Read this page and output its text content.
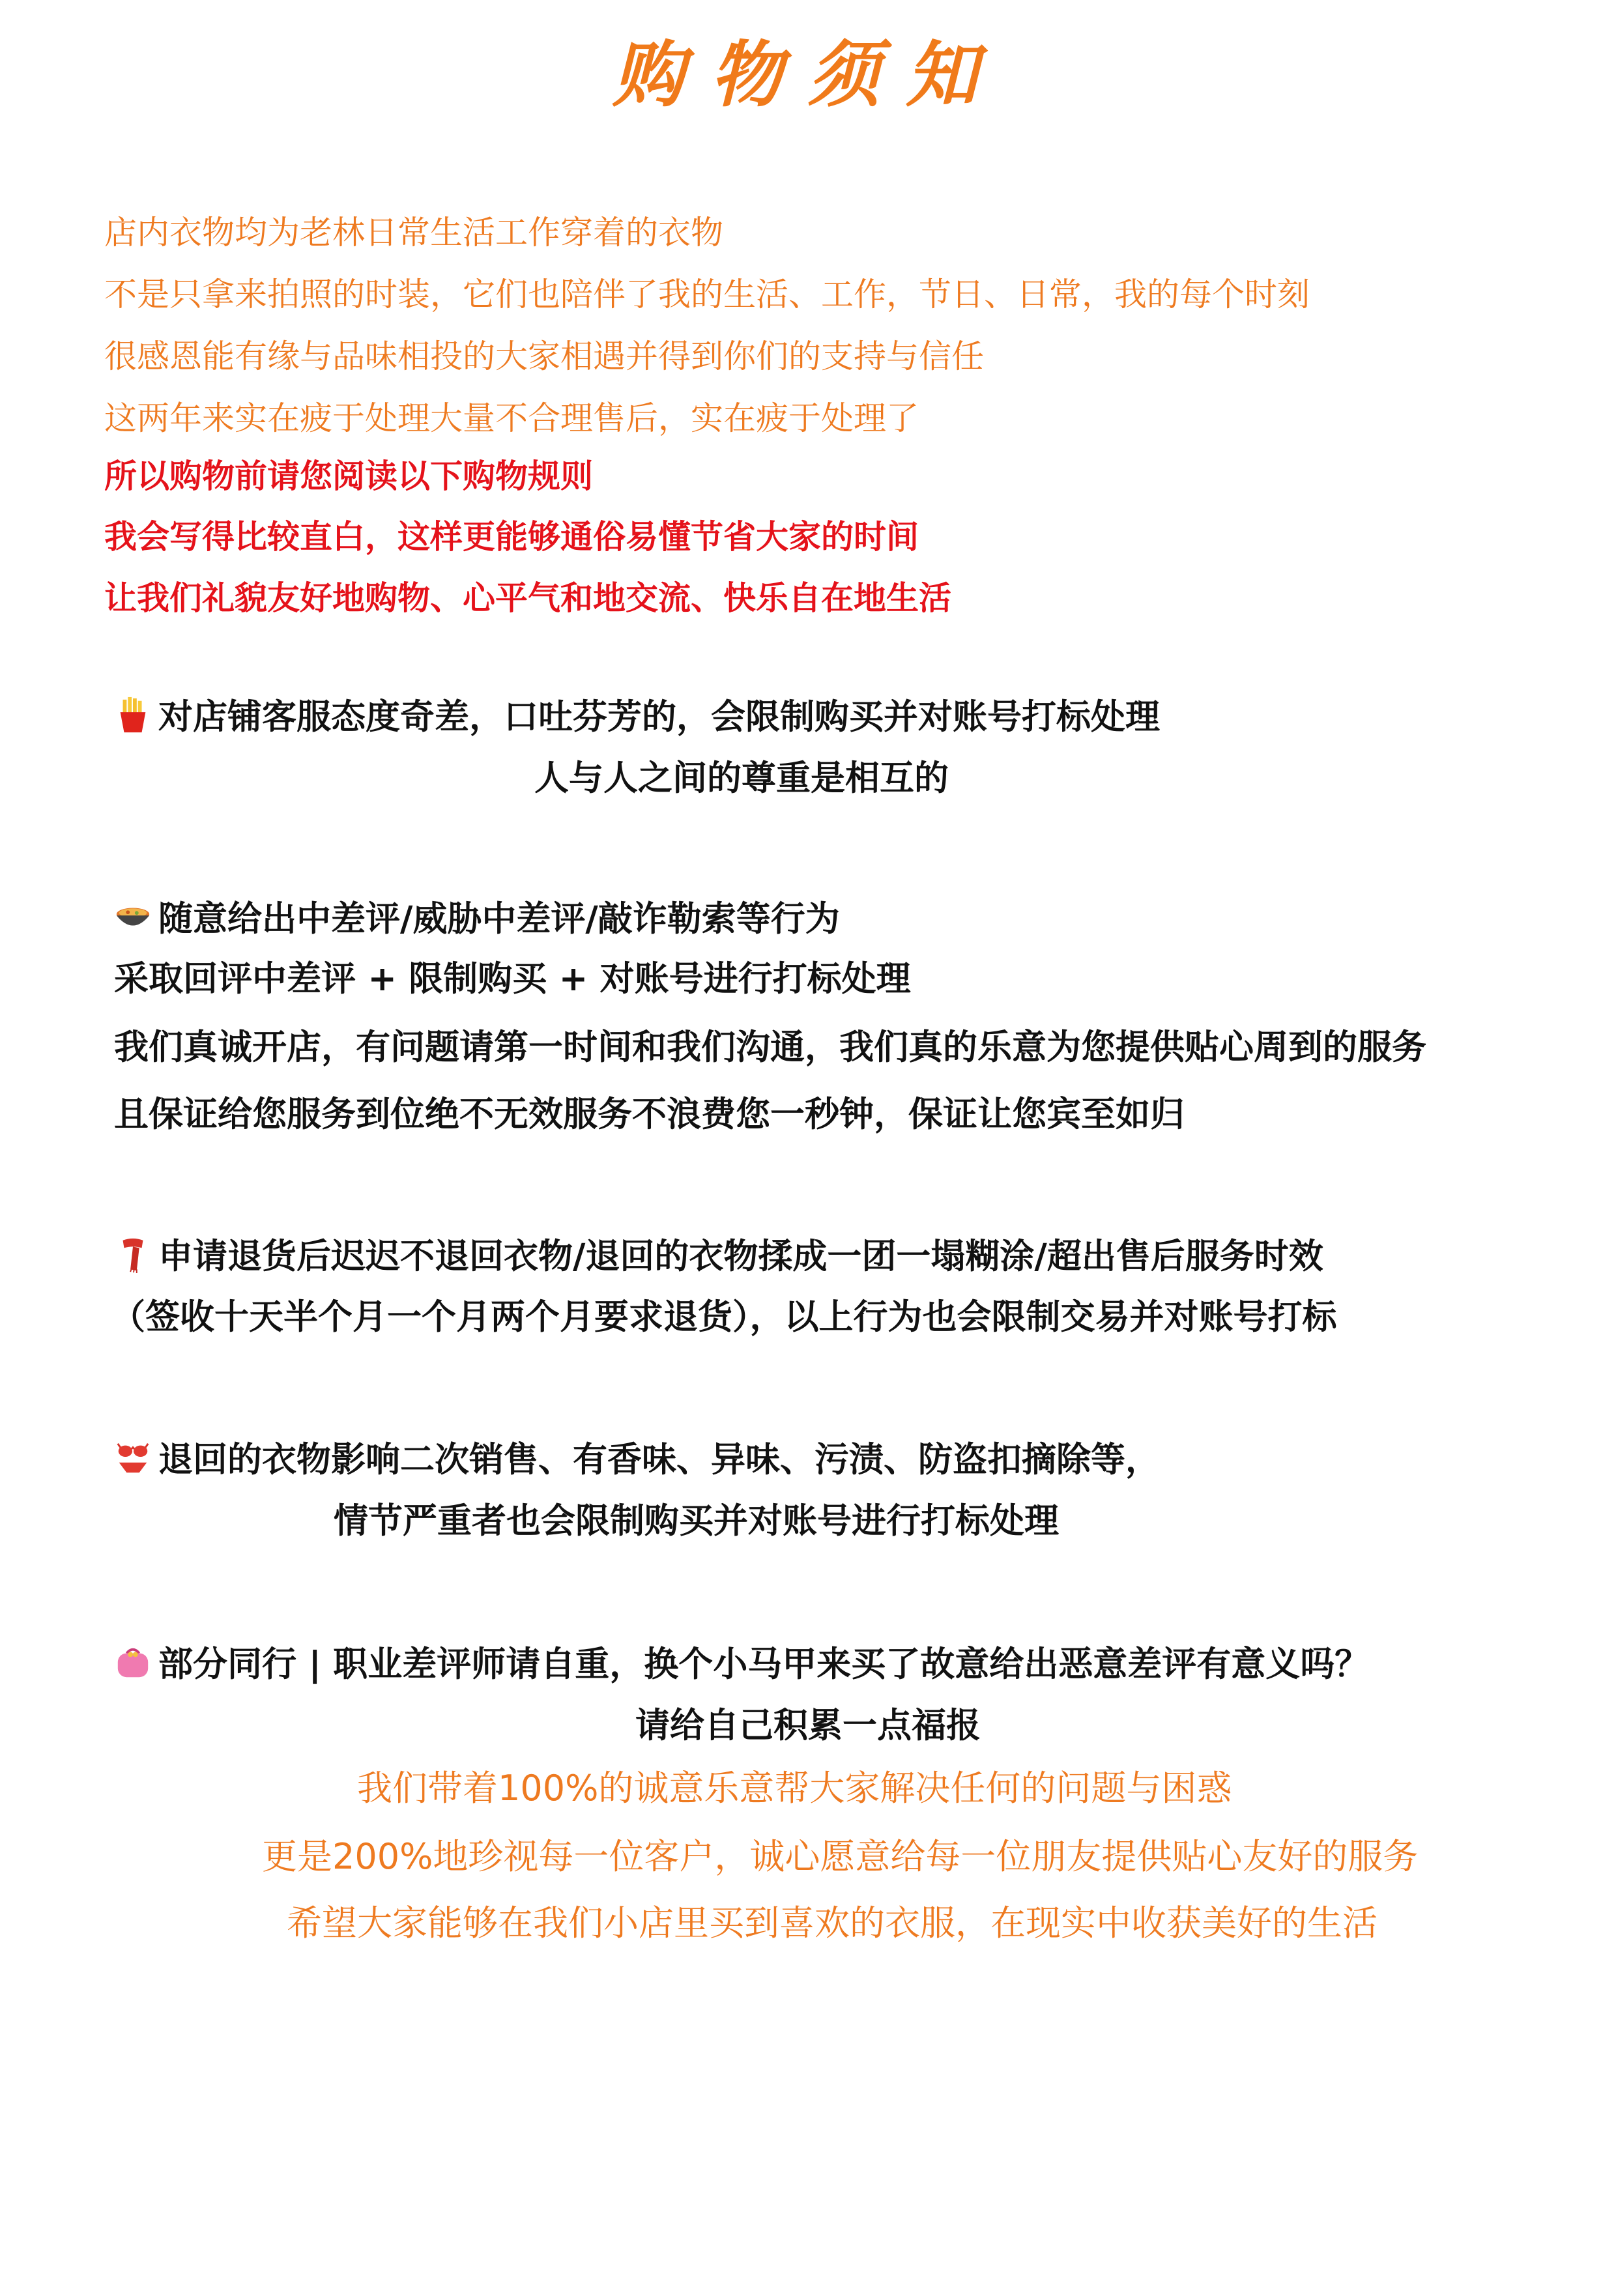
购物须知
店内衣物均为老林日常生活工作穿着的衣物
不是只拿来拍照的时装，它们也陪伴了我的生活、工作，节日、日常，我的每个时刻
很感恩能有缘与品味相投的大家相遇并得到你们的支持与信任
这两年来实在疲于处理大量不合理售后，实在疲于处理了
所以购物前请您阅读以下购物规则
我会写得比较直白，这样更能够通俗易懂节省大家的时间
让我们礼貌友好地购物、心平气和地交流、快乐自在地生活
对店铺客服态度奇差，口吐芬芳的，会限制购买并对账号打标处理
人与人之间的尊重是相互的
随意给出中差评/威胁中差评/敲诈勒索等行为
采取回评中差评 + 限制购买 + 对账号进行打标处理
我们真诚开店，有问题请第一时间和我们沟通，我们真的乐意为您提供贴心周到的服务
且保证给您服务到位绝不无效服务不浪费您一秒钟，保证让您宾至如归
申请退货后迟迟不退回衣物/退回的衣物揉成一团一塌糊涂/超出售后服务时效
（签收十天半个月一个月两个月要求退货），以上行为也会限制交易并对账号打标
退回的衣物影响二次销售、有香味、异味、污渍、防盗扣摘除等，
情节严重者也会限制购买并对账号进行打标处理
部分同行 | 职业差评师请自重，换个小马甲来买了故意给出恶意差评有意义吗？
请给自己积累一点福报
我们带着100%的诚意乐意帮大家解决任何的问题与困惑
更是200%地珍视每一位客户，诚心愿意给每一位朋友提供贴心友好的服务
希望大家能够在我们小店里买到喜欢的衣服，在现实中收获美好的生活
